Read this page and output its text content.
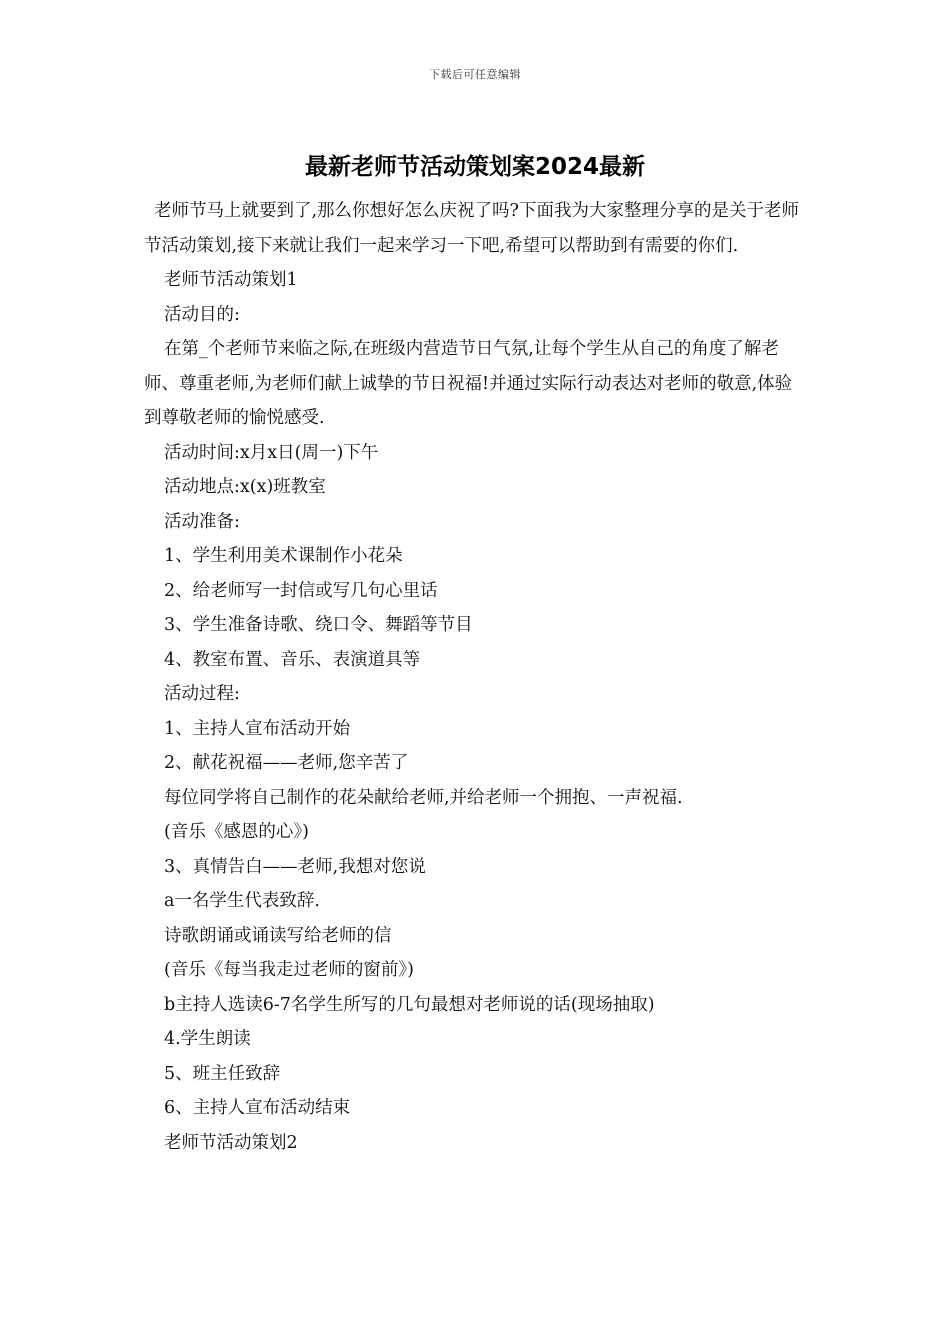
下载后可任意编辑
最新老师节活动策划案2024最新

老师节马上就要到了,那么你想好怎么庆祝了吗?下面我为大家整理分享的是关于老师节活动策划,接下来就让我们一起来学习一下吧,希望可以帮助到有需要的你们.

老师节活动策划1

活动目的:

在第_个老师节来临之际,在班级内营造节日气氛,让每个学生从自己的角度了解老师、尊重老师,为老师们献上诚挚的节日祝福!并通过实际行动表达对老师的敬意,体验到尊敬老师的愉悦感受.

活动时间:x月x日(周一)下午

活动地点:x(x)班教室

活动准备:

1、学生利用美术课制作小花朵

2、给老师写一封信或写几句心里话

3、学生准备诗歌、绕口令、舞蹈等节目

4、教室布置、音乐、表演道具等

活动过程:

1、主持人宣布活动开始

2、献花祝福——老师,您辛苦了

每位同学将自己制作的花朵献给老师,并给老师一个拥抱、一声祝福.

(音乐《感恩的心》)

3、真情告白——老师,我想对您说

a一名学生代表致辞.

诗歌朗诵或诵读写给老师的信

(音乐《每当我走过老师的窗前》)

b主持人选读6-7名学生所写的几句最想对老师说的话(现场抽取)

4.学生朗读

5、班主任致辞

6、主持人宣布活动结束

老师节活动策划2
